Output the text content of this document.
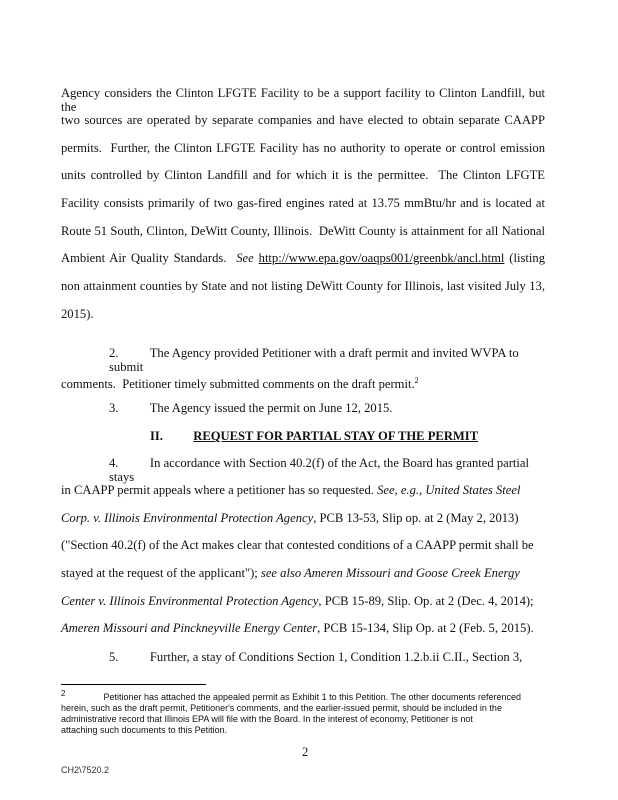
Agency considers the Clinton LFGTE Facility to be a support facility to Clinton Landfill, but the
two sources are operated by separate companies and have elected to obtain separate CAAPP
permits.  Further, the Clinton LFGTE Facility has no authority to operate or control emission
units controlled by Clinton Landfill and for which it is the permittee.  The Clinton LFGTE
Facility consists primarily of two gas-fired engines rated at 13.75 mmBtu/hr and is located at
Route 51 South, Clinton, DeWitt County, Illinois.  DeWitt County is attainment for all National
Ambient Air Quality Standards.  See http://www.epa.gov/oaqps001/greenbk/ancl.html (listing
non attainment counties by State and not listing DeWitt County for Illinois, last visited July 13,
2015).
2.          The Agency provided Petitioner with a draft permit and invited WVPA to submit
comments.  Petitioner timely submitted comments on the draft permit.$^2$
3.          The Agency issued the permit on June 12, 2015.
4.          In accordance with Section 40.2(f) of the Act, the Board has granted partial stays
in CAAPP permit appeals where a petitioner has so requested. See, e.g., United States Steel
Corp. v. Illinois Environmental Protection Agency, PCB 13-53, Slip op. at 2 (May 2, 2013)
("Section 40.2(f) of the Act makes clear that contested conditions of a CAAPP permit shall be
stayed at the request of the applicant"); see also Ameren Missouri and Goose Creek Energy
Center v. Illinois Environmental Protection Agency, PCB 15-89, Slip. Op. at 2 (Dec. 4, 2014);
Ameren Missouri and Pinckneyville Energy Center, PCB 15-134, Slip Op. at 2 (Feb. 5, 2015).
5.          Further, a stay of Conditions Section 1, Condition 1.2.b.ii C.II., Section 3,
II. REQUEST FOR PARTIAL STAY OF THE PERMIT
$^2$	Petitioner has attached the appealed permit as Exhibit 1 to this Petition. The other documents referenced
herein, such as the draft permit, Petitioner's comments, and the earlier-issued permit, should be included in the
administrative record that Illinois EPA will file with the Board. In the interest of economy, Petitioner is not
attaching such documents to this Petition.
2
CH2\7520.2
